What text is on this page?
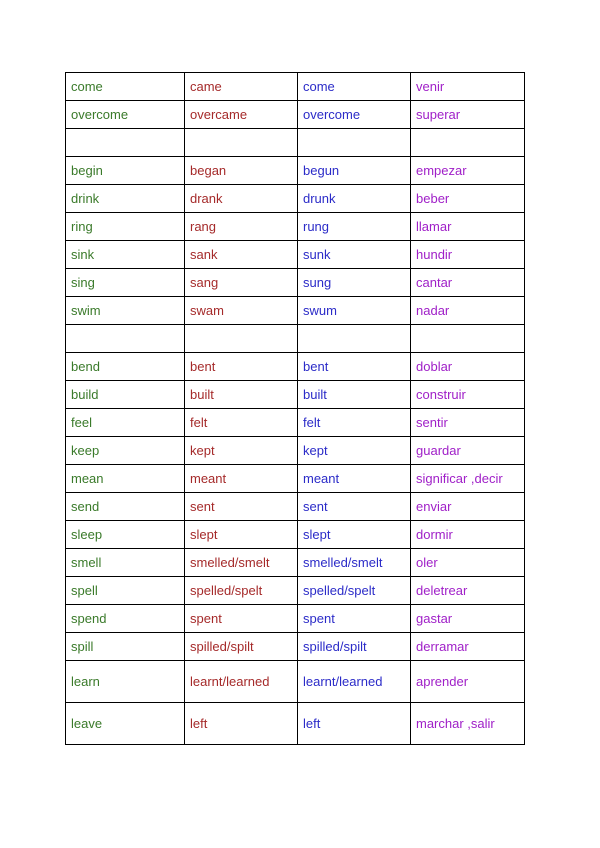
come	came	come	venir
overcome	overcame	overcome	superar

begin	began	begun	empezar
drink	drank	drunk	beber
ring	rang	rung	llamar
sink	sank	sunk	hundir
sing	sang	sung	cantar
swim	swam	swum	nadar

bend	bent	bent	doblar
build	built	built	construir
feel	felt	felt	sentir
keep	kept	kept	guardar
mean	meant	meant	significar ,decir
send	sent	sent	enviar
sleep	slept	slept	dormir
smell	smelled/smelt	smelled/smelt	oler
spell	spelled/spelt	spelled/spelt	deletrear
spend	spent	spent	gastar
spill	spilled/spilt	spilled/spilt	derramar
learn	learnt/learned	learnt/learned	aprender
leave	left	left	marchar ,salir
